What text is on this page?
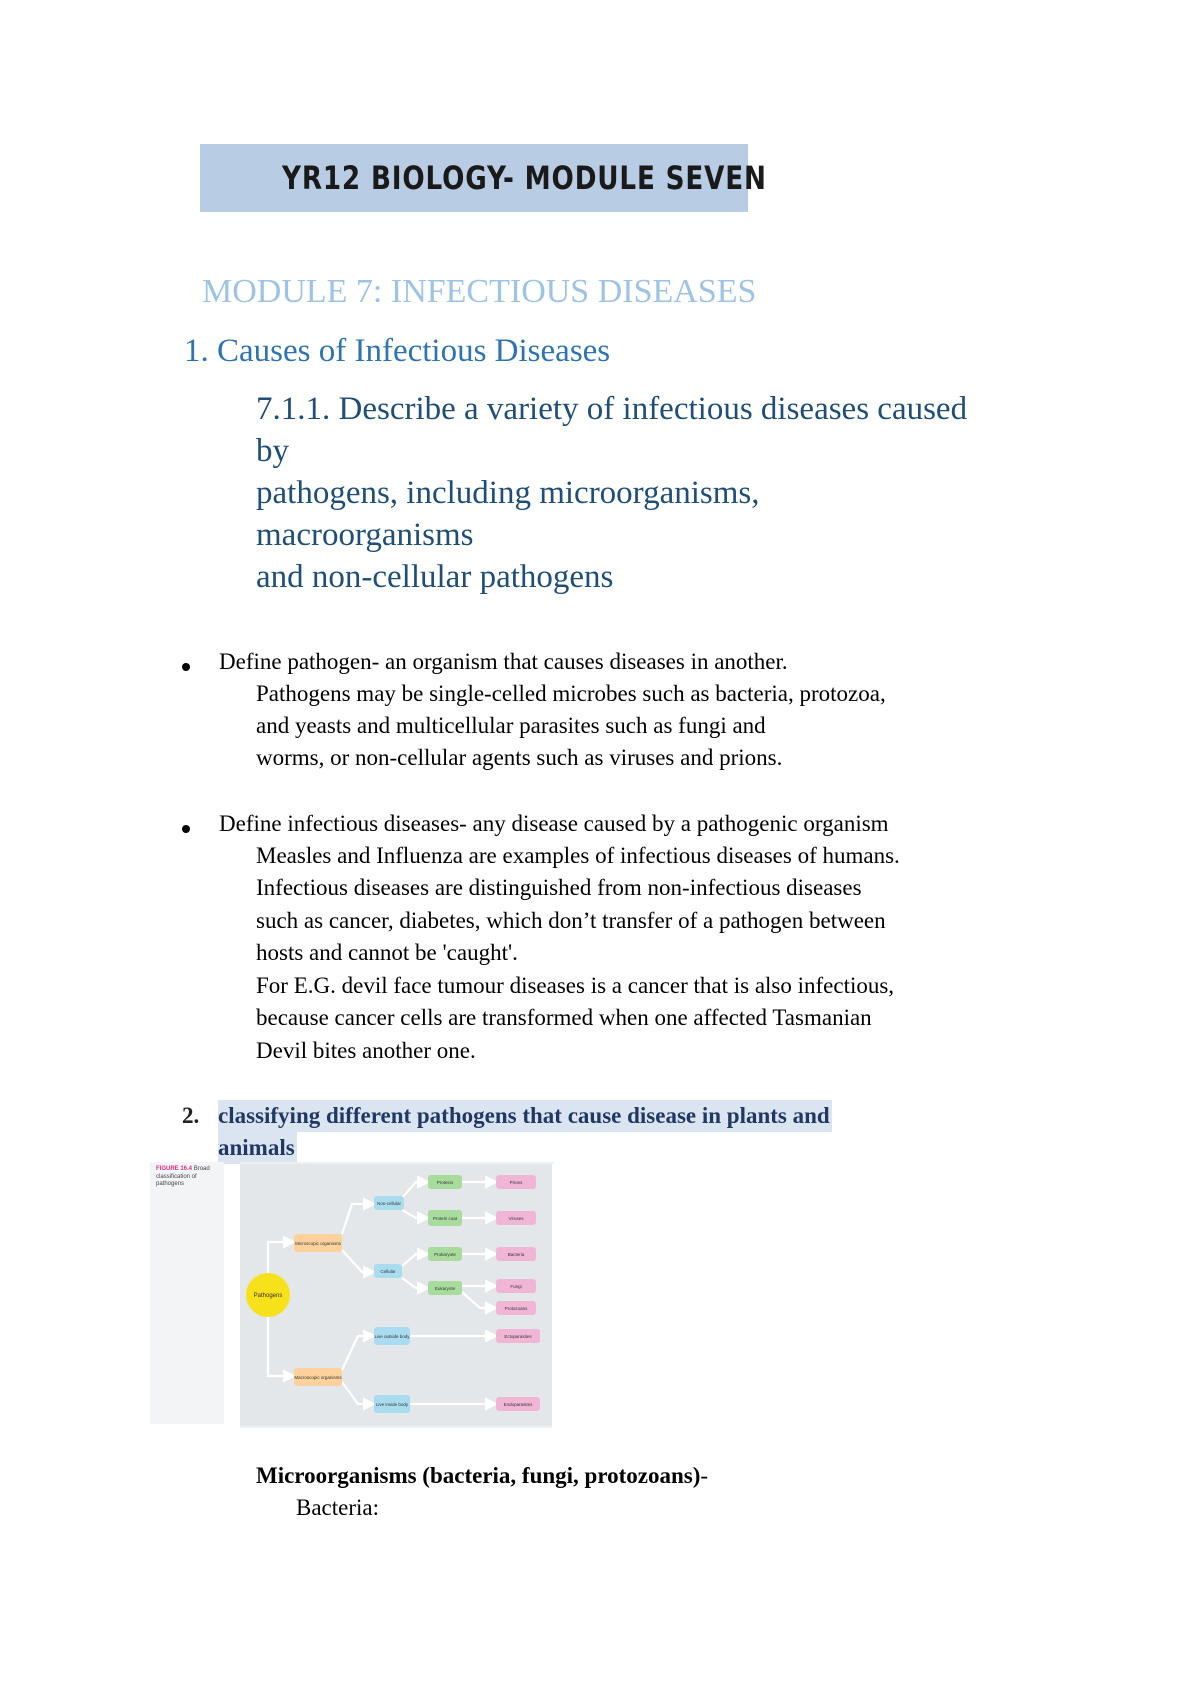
YR12 BIOLOGY- MODULE SEVEN
MODULE 7: INFECTIOUS DISEASES
1. Causes of Infectious Diseases
7.1.1. Describe a variety of infectious diseases caused
by
pathogens, including microorganisms,
macroorganisms
and non-cellular pathogens
Define pathogen- an organism that causes diseases in another.
Pathogens may be single-celled microbes such as bacteria, protozoa,
and yeasts and multicellular parasites such as fungi and
worms, or non-cellular agents such as viruses and prions.
Define infectious diseases- any disease caused by a pathogenic organism
Measles and Influenza are examples of infectious diseases of humans.
Infectious diseases are distinguished from non-infectious diseases
such as cancer, diabetes, which don’t transfer of a pathogen between
hosts and cannot be 'caught'.
For E.G. devil face tumour diseases is a cancer that is also infectious,
because cancer cells are transformed when one affected Tasmanian
Devil bites another one.
2. classifying different pathogens that cause disease in plants and
animals
FIGURE 16.4 Broad classification of pathogens
Pathogens
Microscopic organisms
Macroscopic organisms
Non-cellular
Cellular
Proteins
Protein coat
Prokaryote
Eukaryote
Live outside body
Live inside body
Prions
Viruses
Bacteria
Fungi
Protozoans
Ectoparasites
Endoparasites
Microorganisms (bacteria, fungi, protozoans)-
Bacteria:
